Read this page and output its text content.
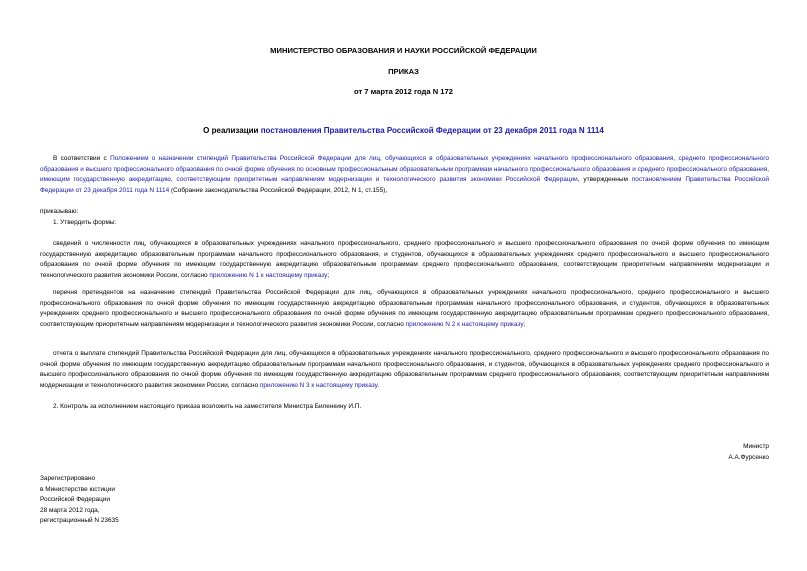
МИНИСТЕРСТВО ОБРАЗОВАНИЯ И НАУКИ РОССИЙСКОЙ ФЕДЕРАЦИИ
ПРИКАЗ
от 7 марта 2012 года N 172
О реализации постановления Правительства Российской Федерации от 23 декабря 2011 года N 1114

В соответствии с Положением о назначении стипендий Правительства Российской Федерации для лиц, обучающихся в образовательных учреждениях начального профессионального образования, среднего профессионального образования и высшего профессионального образования по очной форме обучения по основным профессиональным образовательным программам начального профессионального образования и среднего профессионального образования, имеющим государственную аккредитацию, соответствующим приоритетным направлениям модернизации и технологического развития экономики Российской Федерации, утвержденным постановлением Правительства Российской Федерации от 23 декабря 2011 года N 1114 (Собрание законодательства Российской Федерации, 2012, N 1, ст.155),

приказываю:

1. Утвердить формы:

сведений о численности лиц, обучающихся в образовательных учреждениях начального профессионального, среднего профессионального и высшего профессионального образования по очной форме обучения по имеющим государственную аккредитацию образовательным программам начального профессионального образования, и студентов, обучающихся в образовательных учреждениях среднего профессионального и высшего профессионального образования по очной форме обучения по имеющим государственную аккредитацию образовательным программам среднего профессионального образования, соответствующим приоритетным направлениям модернизации и технологического развития экономики России, согласно приложению N 1 к настоящему приказу;

перечня претендентов на назначение стипендий Правительства Российской Федерации для лиц, обучающихся в образовательных учреждениях начального профессионального, среднего профессионального и высшего профессионального образования по очной форме обучения по имеющим государственную аккредитацию образовательным программам начального профессионального образования, и студентов, обучающихся в образовательных учреждениях среднего профессионального и высшего профессионального образования по очной форме обучения по имеющим государственную аккредитацию образовательным программам среднего профессионального образования, соответствующим приоритетным направлениям модернизации и технологического развития экономики России, согласно приложению N 2 к настоящему приказу;

отчета о выплате стипендий Правительства Российской Федерации для лиц, обучающихся в образовательных учреждениях начального профессионального, среднего профессионального и высшего профессионального образования по очной форме обучения по имеющим государственную аккредитацию образовательным программам начального профессионального образования, и студентов, обучающихся в образовательных учреждениях среднего профессионального и высшего профессионального образования по очной форме обучения по имеющим государственную аккредитацию образовательным программам среднего профессионального образования, соответствующим приоритетным направлениям модернизации и технологического развития экономики России, согласно приложению N 3 к настоящему приказу.

2. Контроль за исполнением настоящего приказа возложить на заместителя Министра Биленкину И.П.

Министр
А.А.Фурсенко
Зарегистрировано
в Министерстве юстиции
Российской Федерации
28 марта 2012 года,
регистрационный N 23635
